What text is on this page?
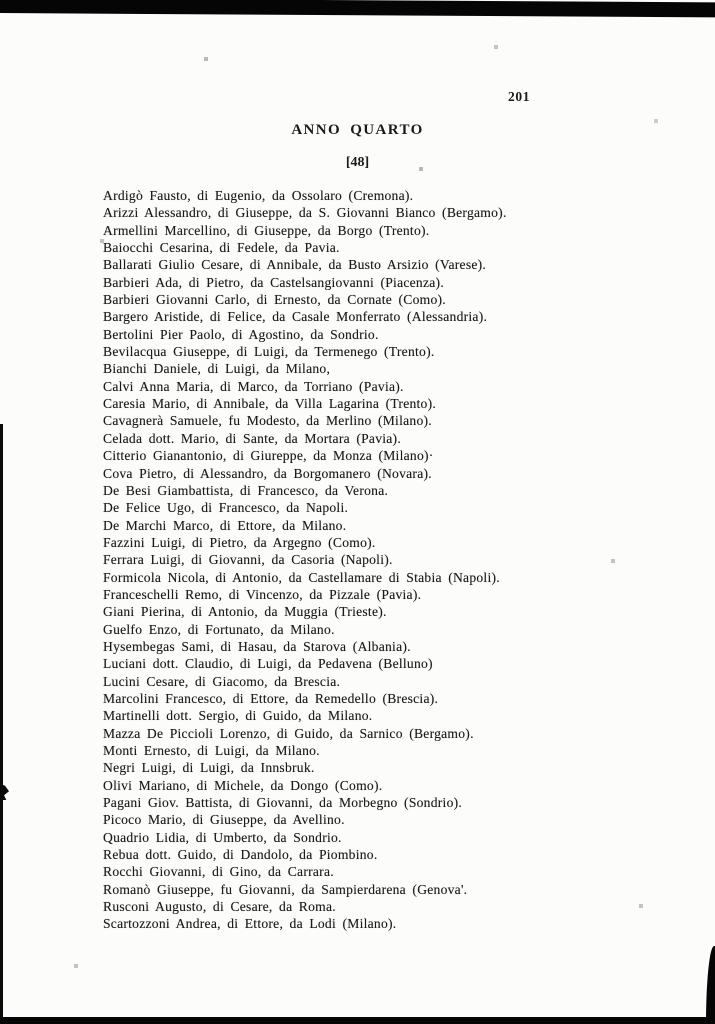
201
ANNO QUARTO
[48]
Ardigò Fausto, di Eugenio, da Ossolaro (Cremona).
Arizzi Alessandro, di Giuseppe, da S. Giovanni Bianco (Bergamo).
Armellini Marcellino, di Giuseppe, da Borgo (Trento).
Baiocchi Cesarina, di Fedele, da Pavia.
Ballarati Giulio Cesare, di Annibale, da Busto Arsizio (Varese).
Barbieri Ada, di Pietro, da Castelsangiovanni (Piacenza).
Barbieri Giovanni Carlo, di Ernesto, da Cornate (Como).
Bargero Aristide, di Felice, da Casale Monferrato (Alessandria).
Bertolini Pier Paolo, di Agostino, da Sondrio.
Bevilacqua Giuseppe, di Luigi, da Termenego (Trento).
Bianchi Daniele, di Luigi, da Milano,
Calvi Anna Maria, di Marco, da Torriano (Pavia).
Caresia Mario, di Annibale, da Villa Lagarina (Trento).
Cavagnerà Samuele, fu Modesto, da Merlino (Milano).
Celada dott. Mario, di Sante, da Mortara (Pavia).
Citterio Gianantonio, di Giureppe, da Monza (Milano)·
Cova Pietro, di Alessandro, da Borgomanero (Novara).
De Besi Giambattista, di Francesco, da Verona.
De Felice Ugo, di Francesco, da Napoli.
De Marchi Marco, di Ettore, da Milano.
Fazzini Luigi, di Pietro, da Argegno (Como).
Ferrara Luigi, di Giovanni, da Casoria (Napoli).
Formicola Nicola, di Antonio, da Castellamare di Stabia (Napoli).
Franceschelli Remo, di Vincenzo, da Pizzale (Pavia).
Giani Pierina, di Antonio, da Muggia (Trieste).
Guelfo Enzo, di Fortunato, da Milano.
Hysembegas Sami, di Hasau, da Starova (Albania).
Luciani dott. Claudio, di Luigi, da Pedavena (Belluno)
Lucini Cesare, di Giacomo, da Brescia.
Marcolini Francesco, di Ettore, da Remedello (Brescia).
Martinelli dott. Sergio, di Guido, da Milano.
Mazza De Piccioli Lorenzo, di Guido, da Sarnico (Bergamo).
Monti Ernesto, di Luigi, da Milano.
Negri Luigi, di Luigi, da Innsbruk.
Olivi Mariano, di Michele, da Dongo (Como).
Pagani Giov. Battista, di Giovanni, da Morbegno (Sondrio).
Picoco Mario, di Giuseppe, da Avellino.
Quadrio Lidia, di Umberto, da Sondrio.
Rebua dott. Guido, di Dandolo, da Piombino.
Rocchi Giovanni, di Gino, da Carrara.
Romanò Giuseppe, fu Giovanni, da Sampierdarena (Genova'.
Rusconi Augusto, di Cesare, da Roma.
Scartozzoni Andrea, di Ettore, da Lodi (Milano).
